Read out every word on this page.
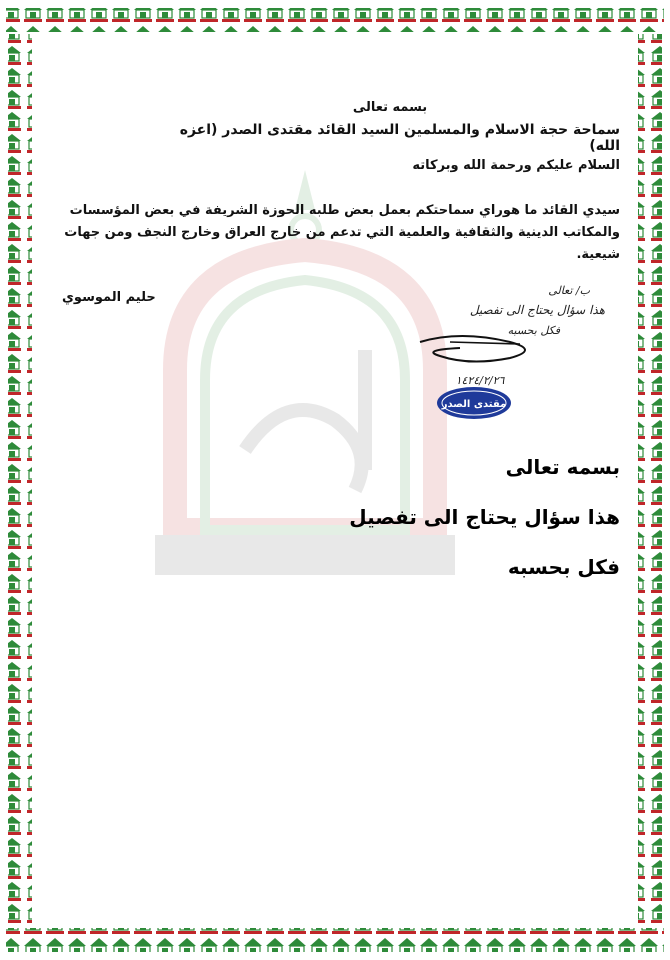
بسمه تعالى
سماحة حجة الاسلام والمسلمين السيد القائد مقتدى الصدر (اعزه الله)
السلام عليكم ورحمة الله وبركاته
سيدي القائد ما هوراي سماحتكم بعمل بعض طلبه الحوزة الشريفة في بعض المؤسسات والمكاتب الدينية والثقافية والعلمية التي تدعم من خارج العراق وخارج النجف ومن جهات شيعية.
حليم الموسوي	ب/ تعالى
هذا سؤال يحتاج الى تفصيل
فكل بحسبه
١٤٢٤/٢/٢٦
مقتدى الصدر
بسمه تعالى
هذا سؤال يحتاج الى تفصيل
فكل بحسبه
